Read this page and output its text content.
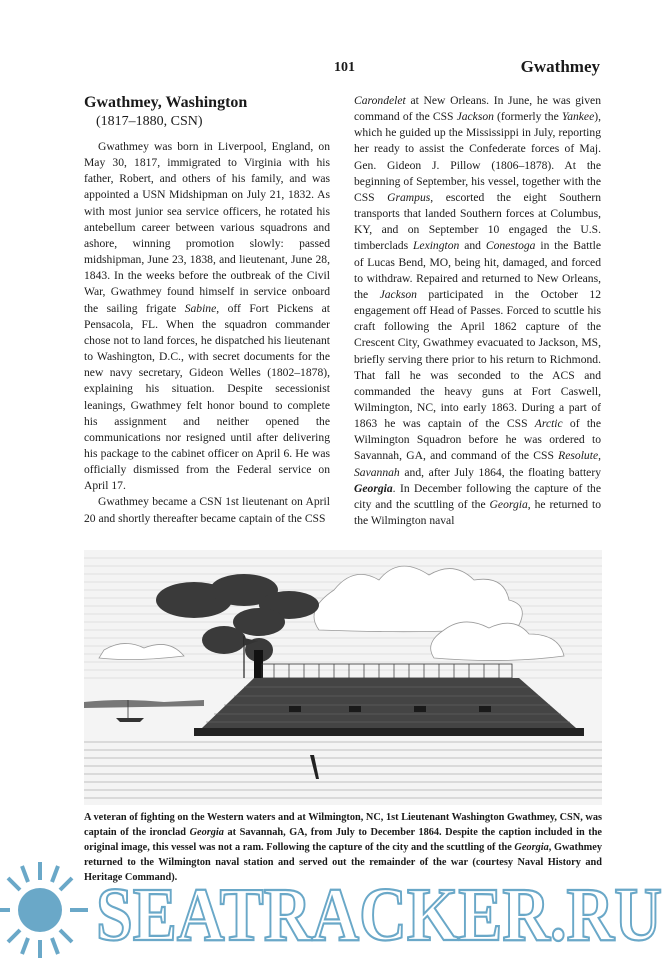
101	Gwathmey
Gwathmey, Washington
(1817–1880, CSN)

Gwathmey was born in Liverpool, England, on May 30, 1817, immigrated to Virginia with his father, Robert, and others of his family, and was appointed a USN Midshipman on July 21, 1832. As with most junior sea service officers, he rotated his antebellum career between various squadrons and ashore, winning promotion slowly: passed midshipman, June 23, 1838, and lieutenant, June 28, 1843. In the weeks before the outbreak of the Civil War, Gwathmey found himself in service onboard the sailing frigate Sabine, off Fort Pickens at Pensacola, FL. When the squadron commander chose not to land forces, he dispatched his lieutenant to Washington, D.C., with secret documents for the new navy secretary, Gideon Welles (1802–1878), explaining his situation. Despite secessionist leanings, Gwathmey felt honor bound to complete his assignment and neither opened the communications nor resigned until after delivering his package to the cabinet officer on April 6. He was officially dismissed from the Federal service on April 17.

Gwathmey became a CSN 1st lieutenant on April 20 and shortly thereafter became captain of the CSS

Carondelet at New Orleans. In June, he was given command of the CSS Jackson (formerly the Yankee), which he guided up the Mississippi in July, reporting her ready to assist the Confederate forces of Maj. Gen. Gideon J. Pillow (1806–1878). At the beginning of September, his vessel, together with the CSS Grampus, escorted the eight Southern transports that landed Southern forces at Columbus, KY, and on September 10 engaged the U.S. timberclads Lexington and Conestoga in the Battle of Lucas Bend, MO, being hit, damaged, and forced to withdraw. Repaired and returned to New Orleans, the Jackson participated in the October 12 engagement off Head of Passes. Forced to scuttle his craft following the April 1862 capture of the Crescent City, Gwathmey evacuated to Jackson, MS, briefly serving there prior to his return to Richmond. That fall he was seconded to the ACS and commanded the heavy guns at Fort Caswell, Wilmington, NC, into early 1863. During a part of 1863 he was captain of the CSS Arctic of the Wilmington Squadron before he was ordered to Savannah, GA, and command of the CSS Resolute, Savannah and, after July 1864, the floating battery Georgia. In December following the capture of the city and the scuttling of the Georgia, he returned to the Wilmington naval

A veteran of fighting on the Western waters and at Wilmington, NC, 1st Lieutenant Washington Gwathmey, CSN, was captain of the ironclad Georgia at Savannah, GA, from July to December 1864. Despite the caption included in the original image, this vessel was not a ram. Following the capture of the city and the scuttling of the Georgia, Gwathmey returned to the Wilmington naval station and served out the remainder of the war (courtesy Naval History and Heritage Command).
SEATRACKER.RU
